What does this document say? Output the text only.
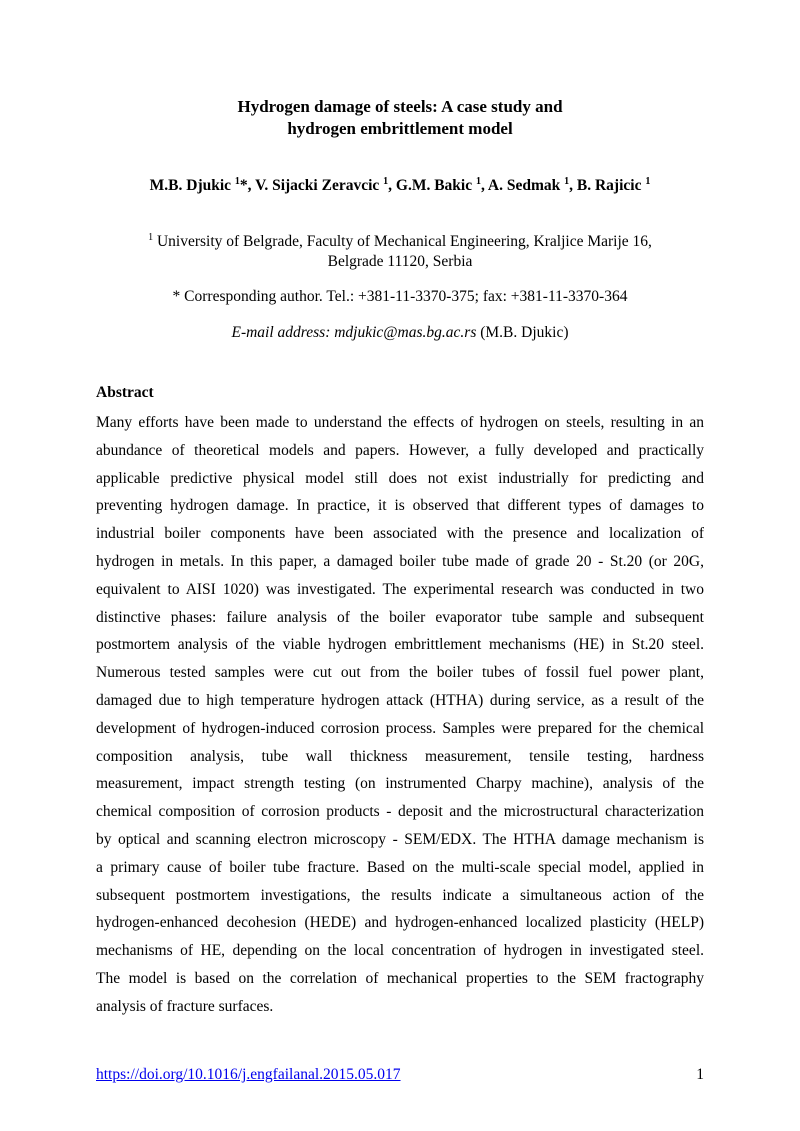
Hydrogen damage of steels: A case study and
hydrogen embrittlement model
M.B. Djukic $^1$*, V. Sijacki Zeravcic $^1$, G.M. Bakic $^1$, A. Sedmak $^1$, B. Rajicic $^1$
$^1$ University of Belgrade, Faculty of Mechanical Engineering, Kraljice Marije 16,
Belgrade 11120, Serbia
* Corresponding author. Tel.: +381-11-3370-375; fax: +381-11-3370-364
E-mail address: mdjukic@mas.bg.ac.rs (M.B. Djukic)
Abstract
Many efforts have been made to understand the effects of hydrogen on steels, resulting in an
abundance of theoretical models and papers. However, a fully developed and practically
applicable predictive physical model still does not exist industrially for predicting and
preventing hydrogen damage. In practice, it is observed that different types of damages to
industrial boiler components have been associated with the presence and localization of
hydrogen in metals. In this paper, a damaged boiler tube made of grade 20 - St.20 (or 20G,
equivalent to AISI 1020) was investigated. The experimental research was conducted in two
distinctive phases: failure analysis of the boiler evaporator tube sample and subsequent
postmortem analysis of the viable hydrogen embrittlement mechanisms (HE) in St.20 steel.
Numerous tested samples were cut out from the boiler tubes of fossil fuel power plant,
damaged due to high temperature hydrogen attack (HTHA) during service, as a result of the
development of hydrogen-induced corrosion process. Samples were prepared for the chemical
composition analysis, tube wall thickness measurement, tensile testing, hardness
measurement, impact strength testing (on instrumented Charpy machine), analysis of the
chemical composition of corrosion products - deposit and the microstructural characterization
by optical and scanning electron microscopy - SEM/EDX. The HTHA damage mechanism is
a primary cause of boiler tube fracture. Based on the multi-scale special model, applied in
subsequent postmortem investigations, the results indicate a simultaneous action of the
hydrogen-enhanced decohesion (HEDE) and hydrogen-enhanced localized plasticity (HELP)
mechanisms of HE, depending on the local concentration of hydrogen in investigated steel.
The model is based on the correlation of mechanical properties to the SEM fractography
analysis of fracture surfaces.
https://doi.org/10.1016/j.engfailanal.2015.05.017	1
